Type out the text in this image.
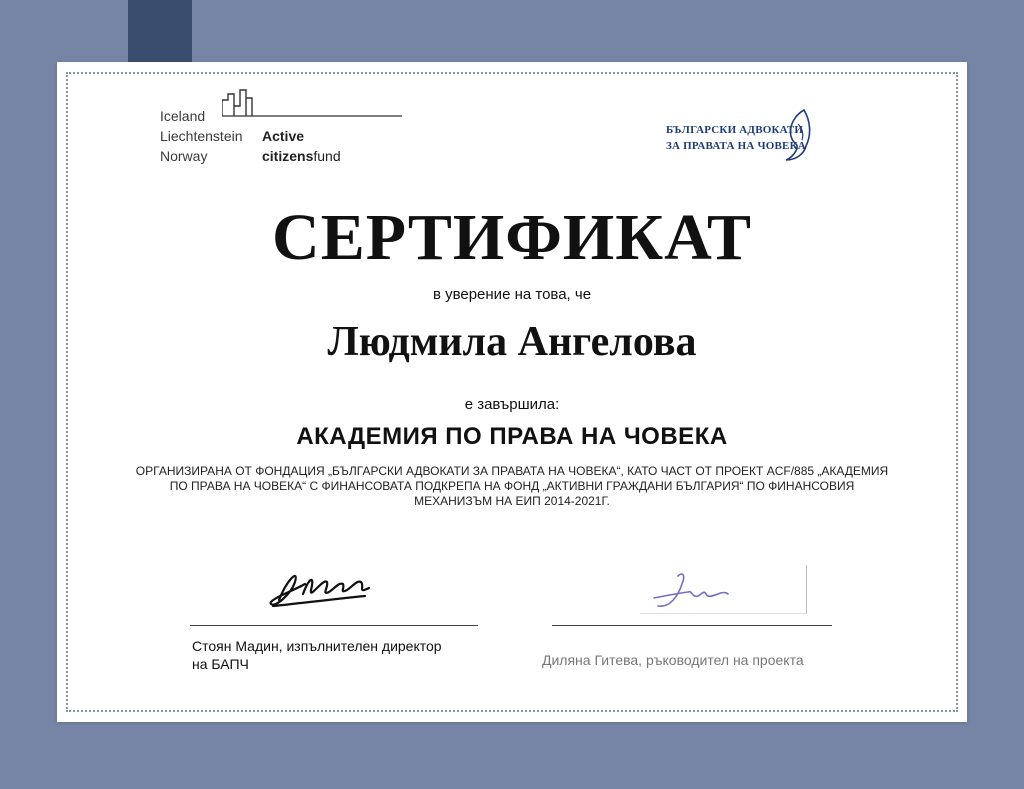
Iceland
Liechtenstein
Norway
Active
citizensfund
БЪЛГАРСКИ АДВОКАТИ
ЗА ПРАВАТА НА ЧОВЕКА
СЕРТИФИКАТ
в уверение на това, че
Людмила Ангелова
е завършила:
АКАДЕМИЯ ПО ПРАВА НА ЧОВЕКА
ОРГАНИЗИРАНА ОТ ФОНДАЦИЯ „БЪЛГАРСКИ АДВОКАТИ ЗА ПРАВАТА НА ЧОВЕКА“, КАТО ЧАСТ ОТ ПРОЕКТ ACF/885 „АКАДЕМИЯ ПО ПРАВА НА ЧОВЕКА“ С ФИНАНСОВАТА ПОДКРЕПА НА ФОНД „АКТИВНИ ГРАЖДАНИ БЪЛГАРИЯ“ ПО ФИНАНСОВИЯ МЕХАНИЗЪМ НА ЕИП 2014-2021Г.
Стоян Мадин, изпълнителен директор
на БАПЧ	Диляна Гитева, ръководител на проекта
